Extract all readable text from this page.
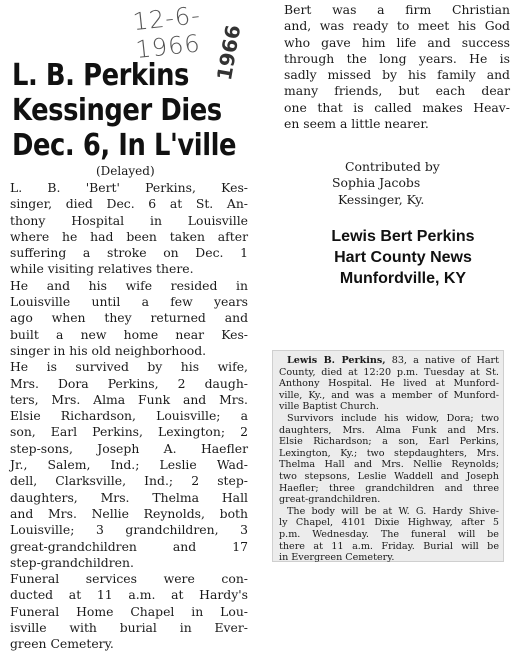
12-6-1966 1966
L. B. Perkins
Kessinger Dies
Dec. 6, In L'ville
(Delayed)
L. B. 'Bert' Perkins, Kes-
singer, died Dec. 6 at St. An-
thony Hospital in Louisville
where he had been taken after
suffering a stroke on Dec. 1
while visiting relatives there.
He and his wife resided in
Louisville until a few years
ago when they returned and
built a new home near Kes-
singer in his old neighborhood.
He is survived by his wife,
Mrs. Dora Perkins, 2 daugh-
ters, Mrs. Alma Funk and Mrs.
Elsie Richardson, Louisville; a
son, Earl Perkins, Lexington; 2
step-sons, Joseph A. Haefler
Jr., Salem, Ind.; Leslie Wad-
dell, Clarksville, Ind.; 2 step-
daughters, Mrs. Thelma Hall
and Mrs. Nellie Reynolds, both
Louisville; 3 grandchildren, 3
great-grandchildren and 17
step-grandchildren.
Funeral services were con-
ducted at 11 a.m. at Hardy's
Funeral Home Chapel in Lou-
isville with burial in Ever-
green Cemetery.
Bert was a firm Christian
and, was ready to meet his God
who gave him life and success
through the long years. He is
sadly missed by his family and
many friends, but each dear
one that is called makes Heav-
en seem a little nearer.
Contributed by
Sophia Jacobs
Kessinger, Ky.
Lewis Bert Perkins
Hart County News
Munfordville, KY
Lewis B. Perkins, 83, a native of Hart
County, died at 12:20 p.m. Tuesday at St.
Anthony Hospital. He lived at Munford-
ville, Ky., and was a member of Munford-
ville Baptist Church.
Survivors include his widow, Dora; two
daughters, Mrs. Alma Funk and Mrs.
Elsie Richardson; a son, Earl Perkins,
Lexington, Ky.; two stepdaughters, Mrs.
Thelma Hall and Mrs. Nellie Reynolds;
two stepsons, Leslie Waddell and Joseph
Haefler; three grandchildren and three
great-grandchildren.
The body will be at W. G. Hardy Shive-
ly Chapel, 4101 Dixie Highway, after 5
p.m. Wednesday. The funeral will be
there at 11 a.m. Friday. Burial will be
in Evergreen Cemetery.
